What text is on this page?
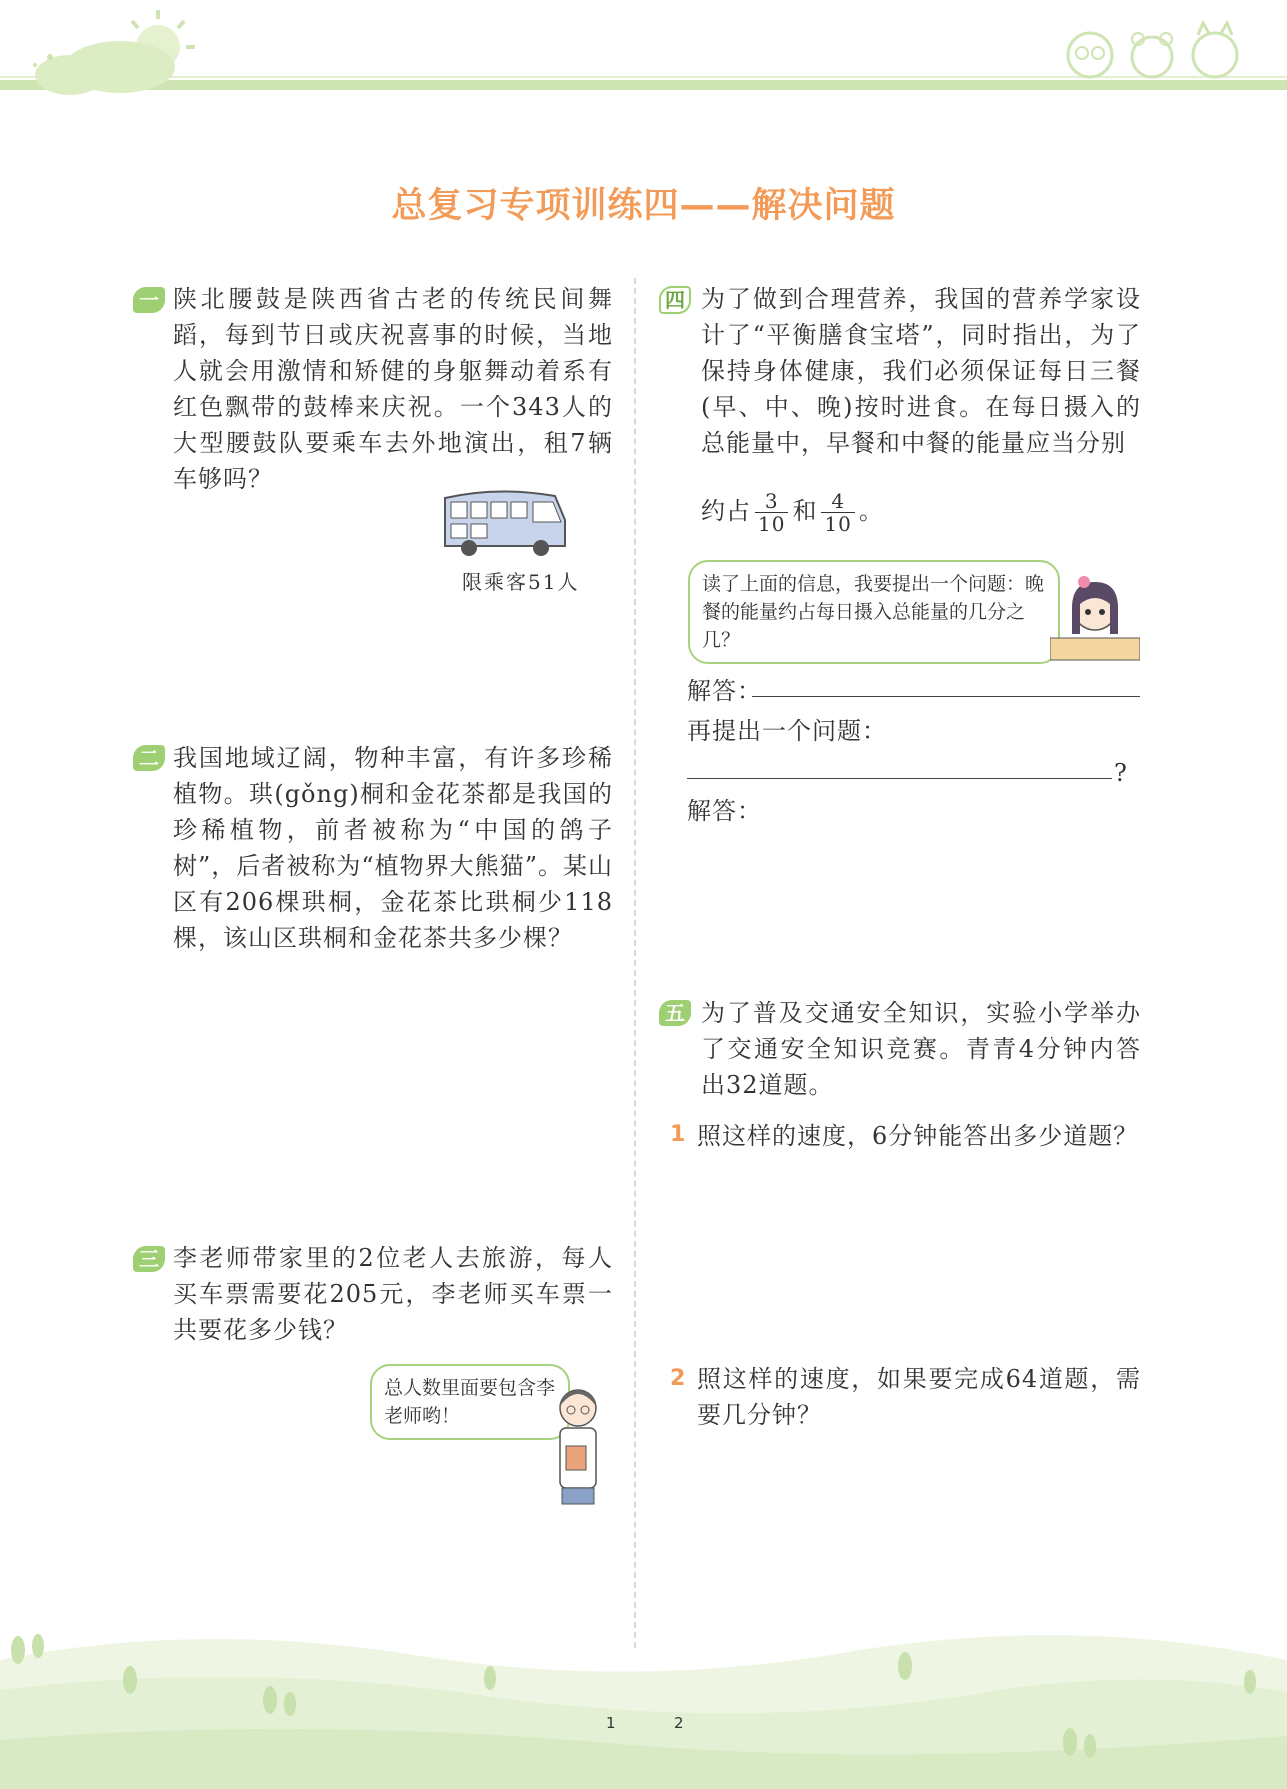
总复习专项训练四——解决问题
一 陕北腰鼓是陕西省古老的传统民间舞蹈，每到节日或庆祝喜事的时候，当地人就会用激情和矫健的身躯舞动着系有红色飘带的鼓棒来庆祝。一个343人的大型腰鼓队要乘车去外地演出，租7辆车够吗？
限乘客51人
二 我国地域辽阔，物种丰富，有许多珍稀植物。珙(gǒng)桐和金花茶都是我国的珍稀植物，前者被称为“中国的鸽子树”，后者被称为“植物界大熊猫”。某山区有206棵珙桐，金花茶比珙桐少118棵，该山区珙桐和金花茶共多少棵？
三 李老师带家里的2位老人去旅游，每人买车票需要花205元，李老师买车票一共要花多少钱？
总人数里面要包含李老师哟！
四 为了做到合理营养，我国的营养学家设计了“平衡膳食宝塔”，同时指出，为了保持身体健康，我们必须保证每日三餐(早、中、晚)按时进食。在每日摄入的总能量中，早餐和中餐的能量应当分别
约占 $\frac{3}{10}$ 和 $\frac{4}{10}$ 。
读了上面的信息，我要提出一个问题：晚餐的能量约占每日摄入总能量的几分之几？
解答：
再提出一个问题：
?
解答：
五 为了普及交通安全知识，实验小学举办了交通安全知识竞赛。青青4分钟内答出32道题。
1 照这样的速度，6分钟能答出多少道题？
2 照这样的速度，如果要完成64道题，需要几分钟？
1	2
